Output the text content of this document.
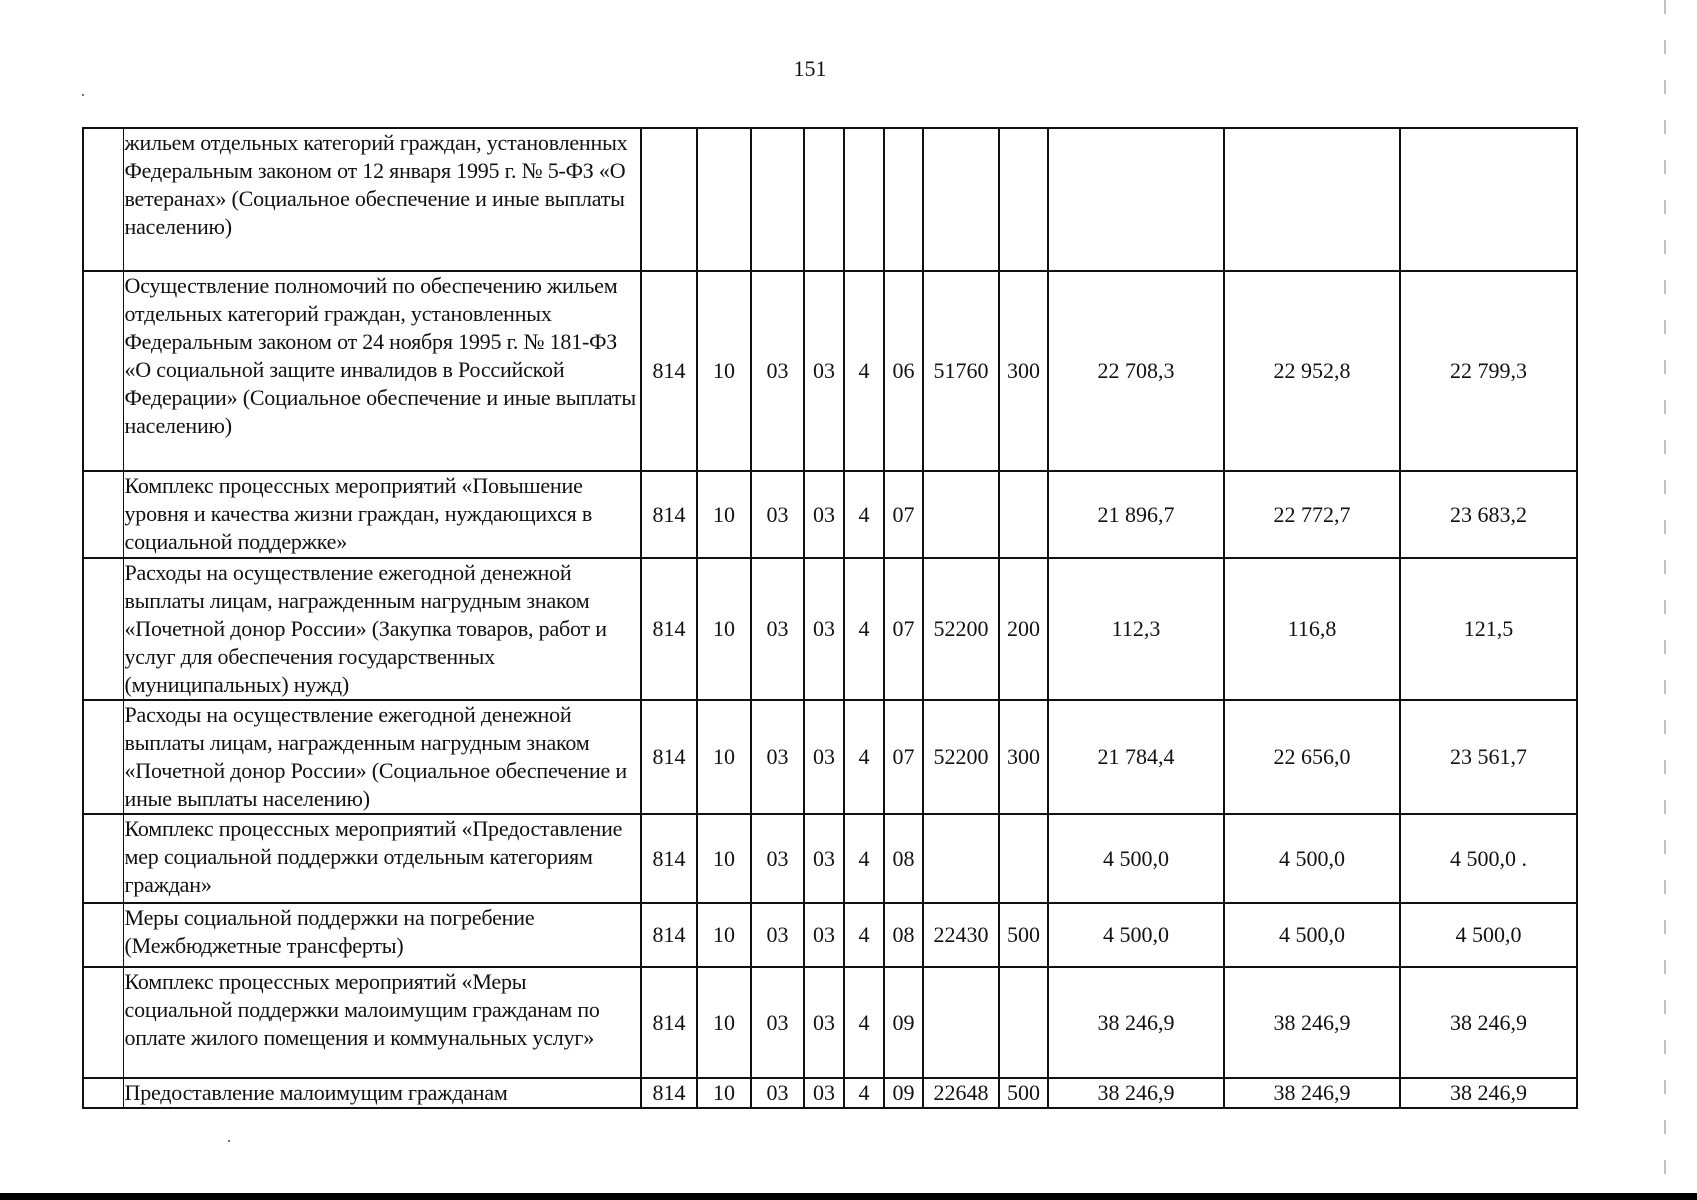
151
	жильем отдельных категорий граждан, установленных Федеральным законом от 12 января 1995 г. № 5-ФЗ «О ветеранах» (Социальное обеспечение и иные выплаты населению)											
	Осуществление полномочий по обеспечению жильем отдельных категорий граждан, установленных Федеральным законом от 24 ноября 1995 г. № 181-ФЗ «О социальной защите инвалидов в Российской Федерации» (Социальное обеспечение и иные выплаты населению)	814	10	03	03	4	06	51760	300	22 708,3	22 952,8	22 799,3
	Комплекс процессных мероприятий «Повышение уровня и качества жизни граждан, нуждающихся в социальной поддержке»	814	10	03	03	4	07			21 896,7	22 772,7	23 683,2
	Расходы на осуществление ежегодной денежной выплаты лицам, награжденным нагрудным знаком «Почетной донор России» (Закупка товаров, работ и услуг для обеспечения государственных (муниципальных) нужд)	814	10	03	03	4	07	52200	200	112,3	116,8	121,5
	Расходы на осуществление ежегодной денежной выплаты лицам, награжденным нагрудным знаком «Почетной донор России» (Социальное обеспечение и иные выплаты населению)	814	10	03	03	4	07	52200	300	21 784,4	22 656,0	23 561,7
	Комплекс процессных мероприятий «Предоставление мер социальной поддержки отдельным категориям граждан»	814	10	03	03	4	08			4 500,0	4 500,0	4 500,0 .
	Меры социальной поддержки на погребение (Межбюджетные трансферты)	814	10	03	03	4	08	22430	500	4 500,0	4 500,0	4 500,0
	Комплекс процессных мероприятий «Меры социальной поддержки малоимущим гражданам по оплате жилого помещения и коммунальных услуг»	814	10	03	03	4	09			38 246,9	38 246,9	38 246,9
	Предоставление малоимущим гражданам	814	10	03	03	4	09	22648	500	38 246,9	38 246,9	38 246,9
